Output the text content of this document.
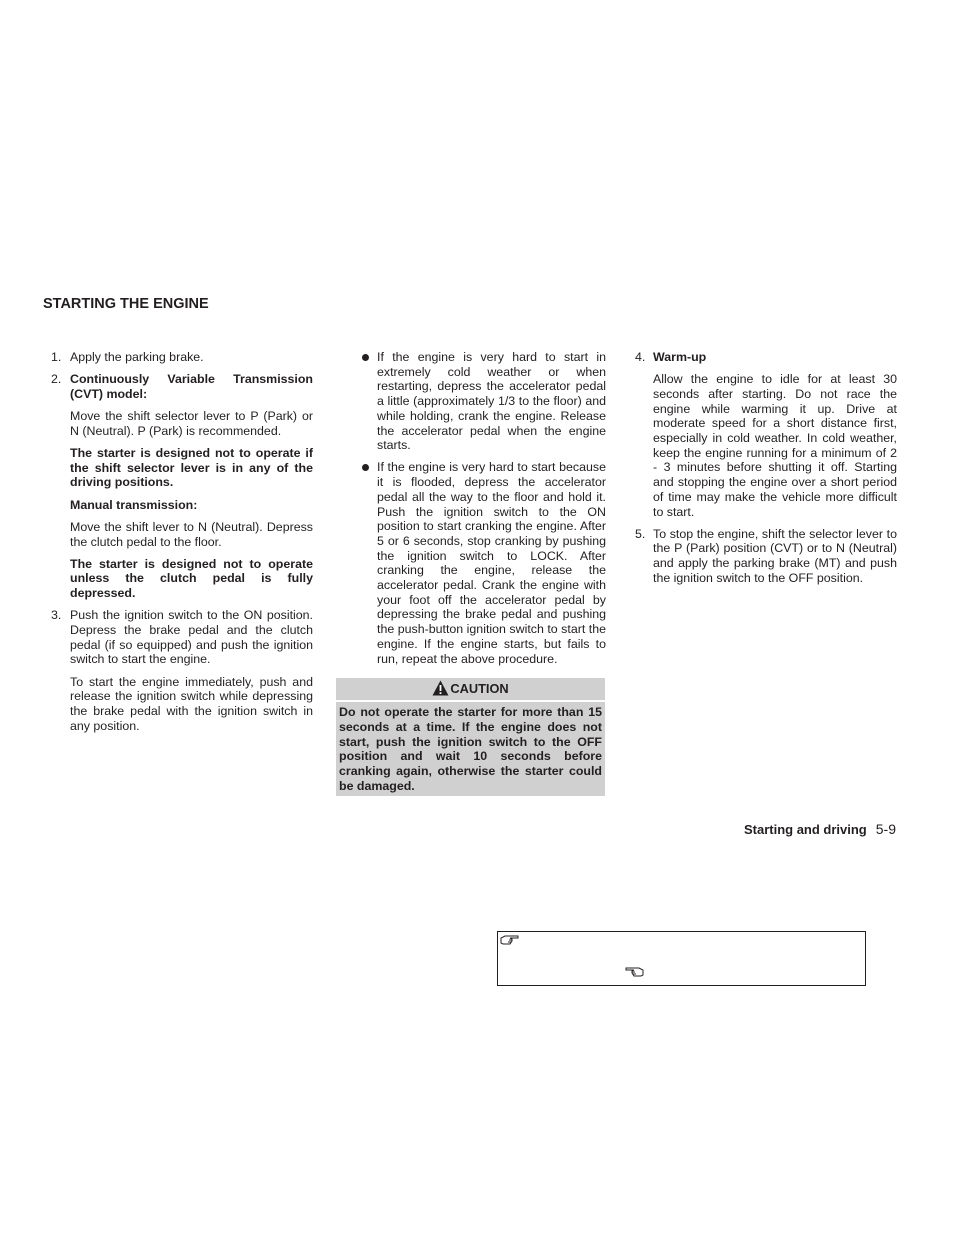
STARTING THE ENGINE
1. Apply the parking brake.

2. Continuously Variable Transmission (CVT) model:

Move the shift selector lever to P (Park) or N (Neutral). P (Park) is recommended.

The starter is designed not to operate if the shift selector lever is in any of the driving positions.

Manual transmission:

Move the shift lever to N (Neutral). Depress the clutch pedal to the floor.

The starter is designed not to operate unless the clutch pedal is fully depressed.

3. Push the ignition switch to the ON position. Depress the brake pedal and the clutch pedal (if so equipped) and push the ignition switch to start the engine.

To start the engine immediately, push and release the ignition switch while depressing the brake pedal with the ignition switch in any position.

If the engine is very hard to start in extremely cold weather or when restarting, depress the accelerator pedal a little (approximately 1/3 to the floor) and while holding, crank the engine. Release the accelerator pedal when the engine starts.

If the engine is very hard to start because it is flooded, depress the accelerator pedal all the way to the floor and hold it. Push the ignition switch to the ON position to start cranking the engine. After 5 or 6 seconds, stop cranking by pushing the ignition switch to LOCK. After cranking the engine, release the accelerator pedal. Crank the engine with your foot off the accelerator pedal by depressing the brake pedal and pushing the push-button ignition switch to start the engine. If the engine starts, but fails to run, repeat the above procedure.

CAUTION
Do not operate the starter for more than 15 seconds at a time. If the engine does not start, push the ignition switch to the OFF position and wait 10 seconds before cranking again, otherwise the starter could be damaged.
4. Warm-up

Allow the engine to idle for at least 30 seconds after starting. Do not race the engine while warming it up. Drive at moderate speed for a short distance first, especially in cold weather. In cold weather, keep the engine running for a minimum of 2 - 3 minutes before shutting it off. Starting and stopping the engine over a short period of time may make the vehicle more difficult to start.

5. To stop the engine, shift the selector lever to the P (Park) position (CVT) or to N (Neutral) and apply the parking brake (MT) and push the ignition switch to the OFF position.

Starting and driving 5-9
